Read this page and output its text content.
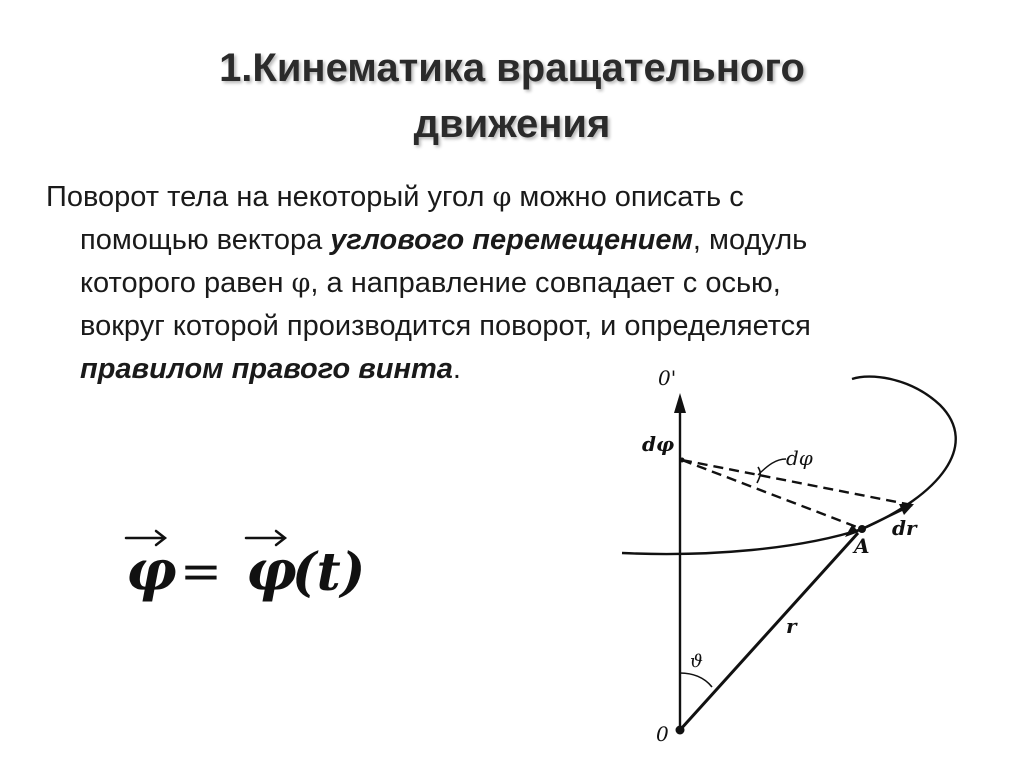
1.Кинематика вращательного
движения
Поворот тела на некоторый угол φ можно описать с
помощью вектора углового перемещением, модуль
которого равен φ, а направление совпадает с осью,
вокруг которой производится поворот, и определяется
правилом правого винта.
φ = φ
(t)
0'
dφ
dφ
A
dr
r
ϑ
0
